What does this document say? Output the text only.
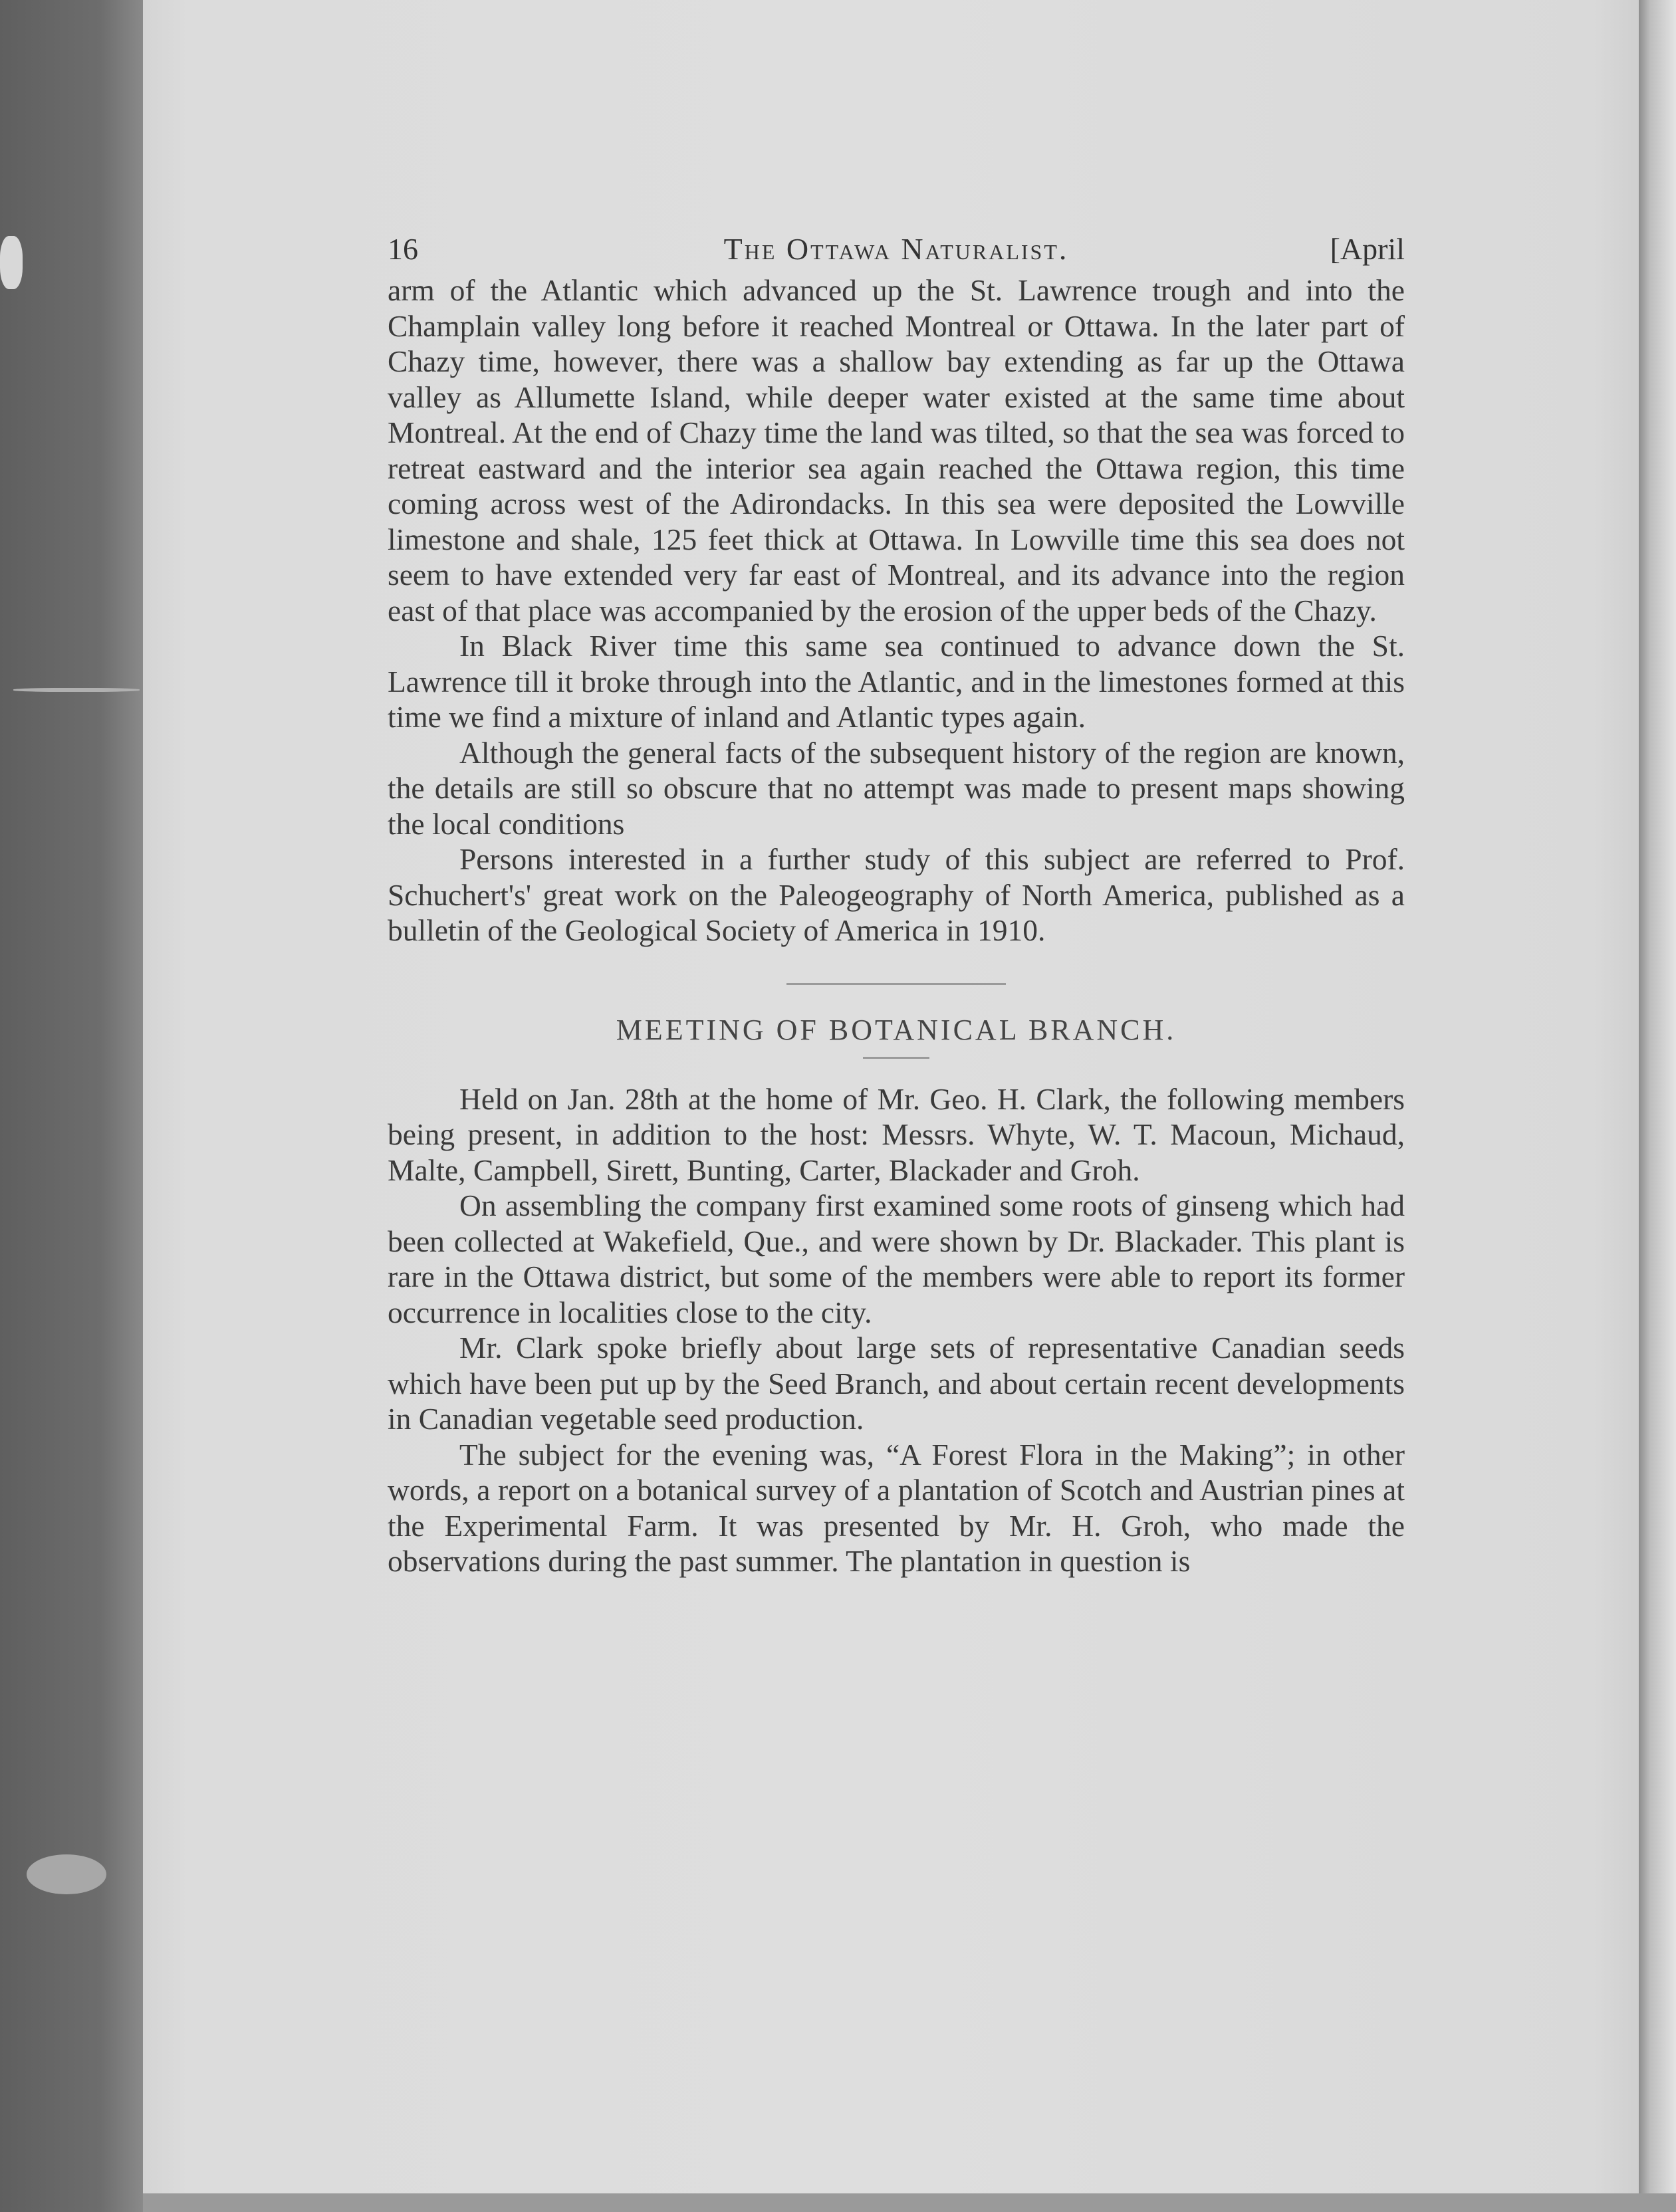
16	The Ottawa Naturalist.	[April

arm of the Atlantic which advanced up the St. Lawrence trough and into the Champlain valley long before it reached Montreal or Ottawa. In the later part of Chazy time, however, there was a shallow bay extending as far up the Ottawa valley as Allumette Island, while deeper water existed at the same time about Montreal. At the end of Chazy time the land was tilted, so that the sea was forced to retreat eastward and the interior sea again reached the Ottawa region, this time coming across west of the Adirondacks. In this sea were deposited the Lowville limestone and shale, 125 feet thick at Ottawa. In Lowville time this sea does not seem to have extended very far east of Montreal, and its advance into the region east of that place was accompanied by the erosion of the upper beds of the Chazy.

In Black River time this same sea continued to advance down the St. Lawrence till it broke through into the Atlantic, and in the limestones formed at this time we find a mixture of inland and Atlantic types again.

Although the general facts of the subsequent history of the region are known, the details are still so obscure that no attempt was made to present maps showing the local conditions

Persons interested in a further study of this subject are referred to Prof. Schuchert's' great work on the Paleogeography of North America, published as a bulletin of the Geological Society of America in 1910.

MEETING OF BOTANICAL BRANCH.

Held on Jan. 28th at the home of Mr. Geo. H. Clark, the following members being present, in addition to the host: Messrs. Whyte, W. T. Macoun, Michaud, Malte, Campbell, Sirett, Bunting, Carter, Blackader and Groh.

On assembling the company first examined some roots of ginseng which had been collected at Wakefield, Que., and were shown by Dr. Blackader. This plant is rare in the Ottawa district, but some of the members were able to report its former occurrence in localities close to the city.

Mr. Clark spoke briefly about large sets of representative Canadian seeds which have been put up by the Seed Branch, and about certain recent developments in Canadian vegetable seed production.

The subject for the evening was, “A Forest Flora in the Making”; in other words, a report on a botanical survey of a plantation of Scotch and Austrian pines at the Experimental Farm. It was presented by Mr. H. Groh, who made the observations during the past summer. The plantation in question is
